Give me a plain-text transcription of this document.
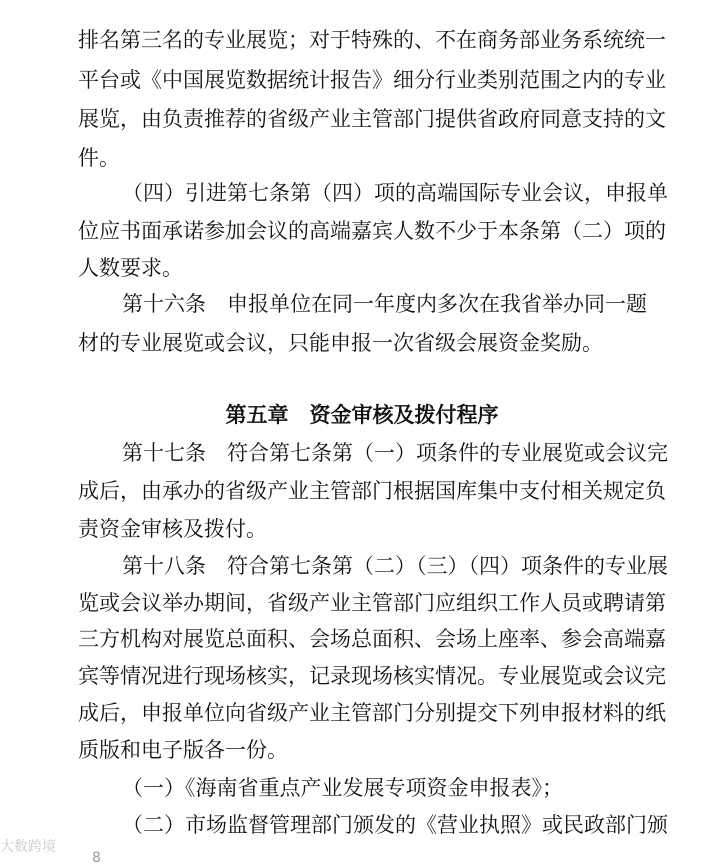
排名第三名的专业展览；对于特殊的、不在商务部业务系统统一
平台或《中国展览数据统计报告》细分行业类别范围之内的专业
展览，由负责推荐的省级产业主管部门提供省政府同意支持的文
件。
（四）引进第七条第（四）项的高端国际专业会议，申报单
位应书面承诺参加会议的高端嘉宾人数不少于本条第（二）项的
人数要求。
第十六条　申报单位在同一年度内多次在我省举办同一题
材的专业展览或会议，只能申报一次省级会展资金奖励。
第五章　资金审核及拨付程序
第十七条　符合第七条第（一）项条件的专业展览或会议完
成后，由承办的省级产业主管部门根据国库集中支付相关规定负
责资金审核及拨付。
第十八条　符合第七条第（二）（三）（四）项条件的专业展
览或会议举办期间，省级产业主管部门应组织工作人员或聘请第
三方机构对展览总面积、会场总面积、会场上座率、参会高端嘉
宾等情况进行现场核实，记录现场核实情况。专业展览或会议完
成后，申报单位向省级产业主管部门分别提交下列申报材料的纸
质版和电子版各一份。
（一）《海南省重点产业发展专项资金申报表》；
（二）市场监督管理部门颁发的《营业执照》或民政部门颁
大数跨境
8
